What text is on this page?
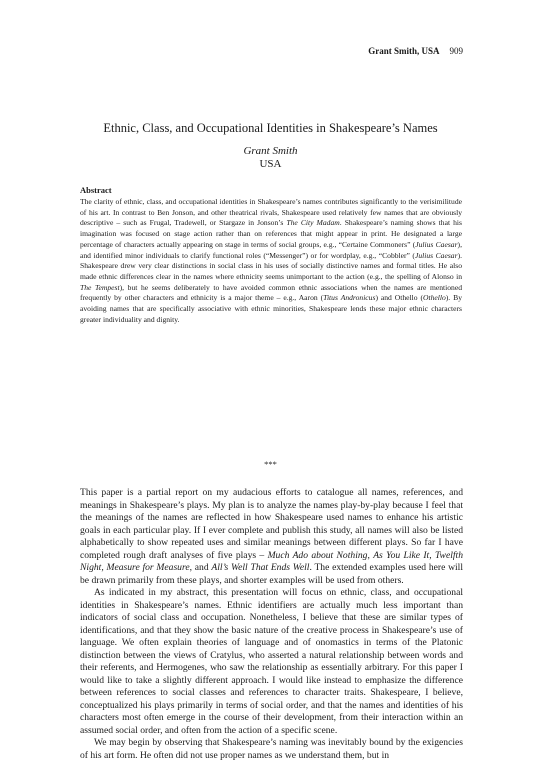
Grant Smith, USA 909
Ethnic, Class, and Occupational Identities in Shakespeare’s Names
Grant Smith
USA
Abstract
The clarity of ethnic, class, and occupational identities in Shakespeare’s names contributes significantly to the verisimilitude of his art. In contrast to Ben Jonson, and other theatrical rivals, Shakespeare used relatively few names that are obviously descriptive – such as Frugal, Tradewell, or Stargaze in Jonson’s The City Madam. Shakespeare’s naming shows that his imagination was focused on stage action rather than on references that might appear in print. He designated a large percentage of characters actually appearing on stage in terms of social groups, e.g., “Certaine Commoners” (Julius Caesar), and identified minor individuals to clarify functional roles (“Messenger”) or for wordplay, e.g., “Cobbler” (Julius Caesar). Shakespeare drew very clear distinctions in social class in his uses of socially distinctive names and formal titles. He also made ethnic differences clear in the names where ethnicity seems unimportant to the action (e.g., the spelling of Alonso in The Tempest), but he seems deliberately to have avoided common ethnic associations when the names are mentioned frequently by other characters and ethnicity is a major theme – e.g., Aaron (Titus Andronicus) and Othello (Othello). By avoiding names that are specifically associative with ethnic minorities, Shakespeare lends these major ethnic characters greater individuality and dignity.
***

This paper is a partial report on my audacious efforts to catalogue all names, references, and meanings in Shakespeare’s plays. My plan is to analyze the names play-by-play because I feel that the meanings of the names are reflected in how Shakespeare used names to enhance his artistic goals in each particular play. If I ever complete and publish this study, all names will also be listed alphabetically to show repeated uses and similar meanings between different plays. So far I have completed rough draft analyses of five plays – Much Ado about Nothing, As You Like It, Twelfth Night, Measure for Measure, and All’s Well That Ends Well. The extended examples used here will be drawn primarily from these plays, and shorter examples will be used from others.

As indicated in my abstract, this presentation will focus on ethnic, class, and occupational identities in Shakespeare’s names. Ethnic identifiers are actually much less important than indicators of social class and occupation. Nonetheless, I believe that these are similar types of identifications, and that they show the basic nature of the creative process in Shakespeare’s use of language. We often explain theories of language and of onomastics in terms of the Platonic distinction between the views of Cratylus, who asserted a natural relationship between words and their referents, and Hermogenes, who saw the relationship as essentially arbitrary. For this paper I would like to take a slightly different approach. I would like instead to emphasize the difference between references to social classes and references to character traits. Shakespeare, I believe, conceptualized his plays primarily in terms of social order, and that the names and identities of his characters most often emerge in the course of their development, from their interaction within an assumed social order, and often from the action of a specific scene.

We may begin by observing that Shakespeare’s naming was inevitably bound by the exigencies of his art form. He often did not use proper names as we understand them, but in
